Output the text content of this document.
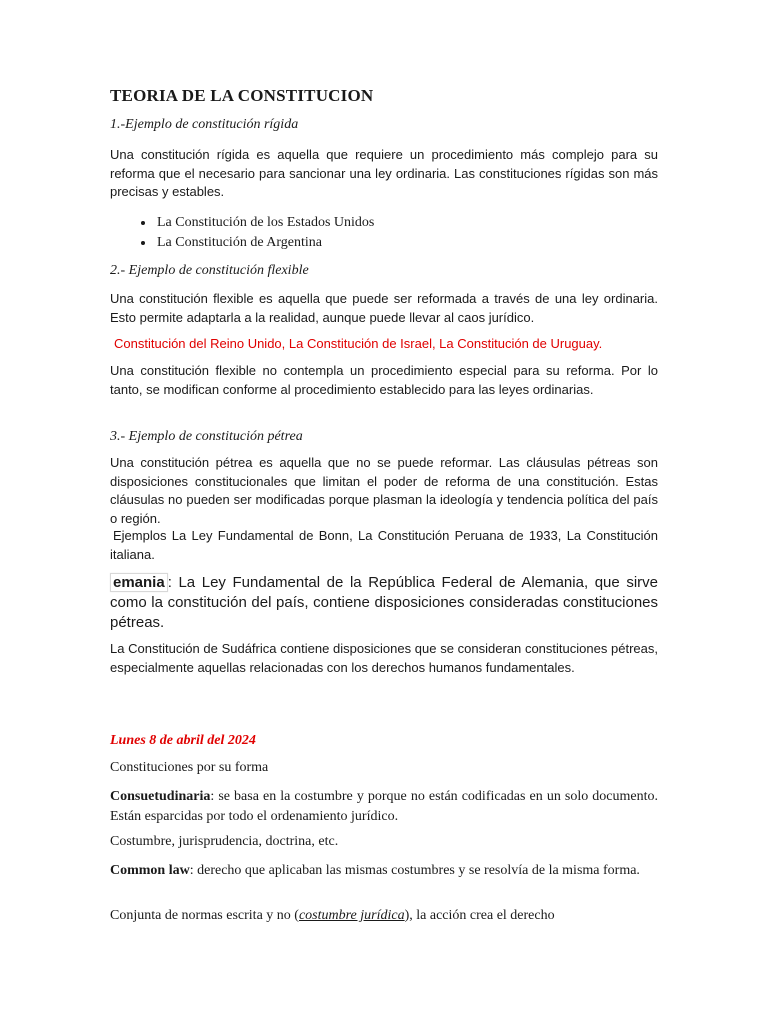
TEORIA DE LA CONSTITUCION

1.-Ejemplo de constitución rígida

Una constitución rígida es aquella que requiere un procedimiento más complejo para su reforma que el necesario para sancionar una ley ordinaria. Las constituciones rígidas son más precisas y estables.

• La Constitución de los Estados Unidos
• La Constitución de Argentina

2.- Ejemplo de constitución flexible

Una constitución flexible es aquella que puede ser reformada a través de una ley ordinaria. Esto permite adaptarla a la realidad, aunque puede llevar al caos jurídico.

Constitución del Reino Unido, La Constitución de Israel, La Constitución de Uruguay.

Una constitución flexible no contempla un procedimiento especial para su reforma. Por lo tanto, se modifican conforme al procedimiento establecido para las leyes ordinarias.

3.- Ejemplo de constitución pétrea

Una constitución pétrea es aquella que no se puede reformar. Las cláusulas pétreas son disposiciones constitucionales que limitan el poder de reforma de una constitución. Estas cláusulas no pueden ser modificadas porque plasman la ideología y tendencia política del país o región.

Ejemplos La Ley Fundamental de Bonn, La Constitución Peruana de 1933, La Constitución italiana.

emania : La Ley Fundamental de la República Federal de Alemania, que sirve como la constitución del país, contiene disposiciones consideradas constituciones pétreas.

La Constitución de Sudáfrica contiene disposiciones que se consideran constituciones pétreas, especialmente aquellas relacionadas con los derechos humanos fundamentales.

Lunes 8 de abril del 2024

Constituciones por su forma

Consuetudinaria: se basa en la costumbre y porque no están codificadas en un solo documento. Están esparcidas por todo el ordenamiento jurídico.

Costumbre, jurisprudencia, doctrina, etc.

Common law: derecho que aplicaban las mismas costumbres y se resolvía de la misma forma.

Conjunta de normas escrita y no (costumbre jurídica), la acción crea el derecho
